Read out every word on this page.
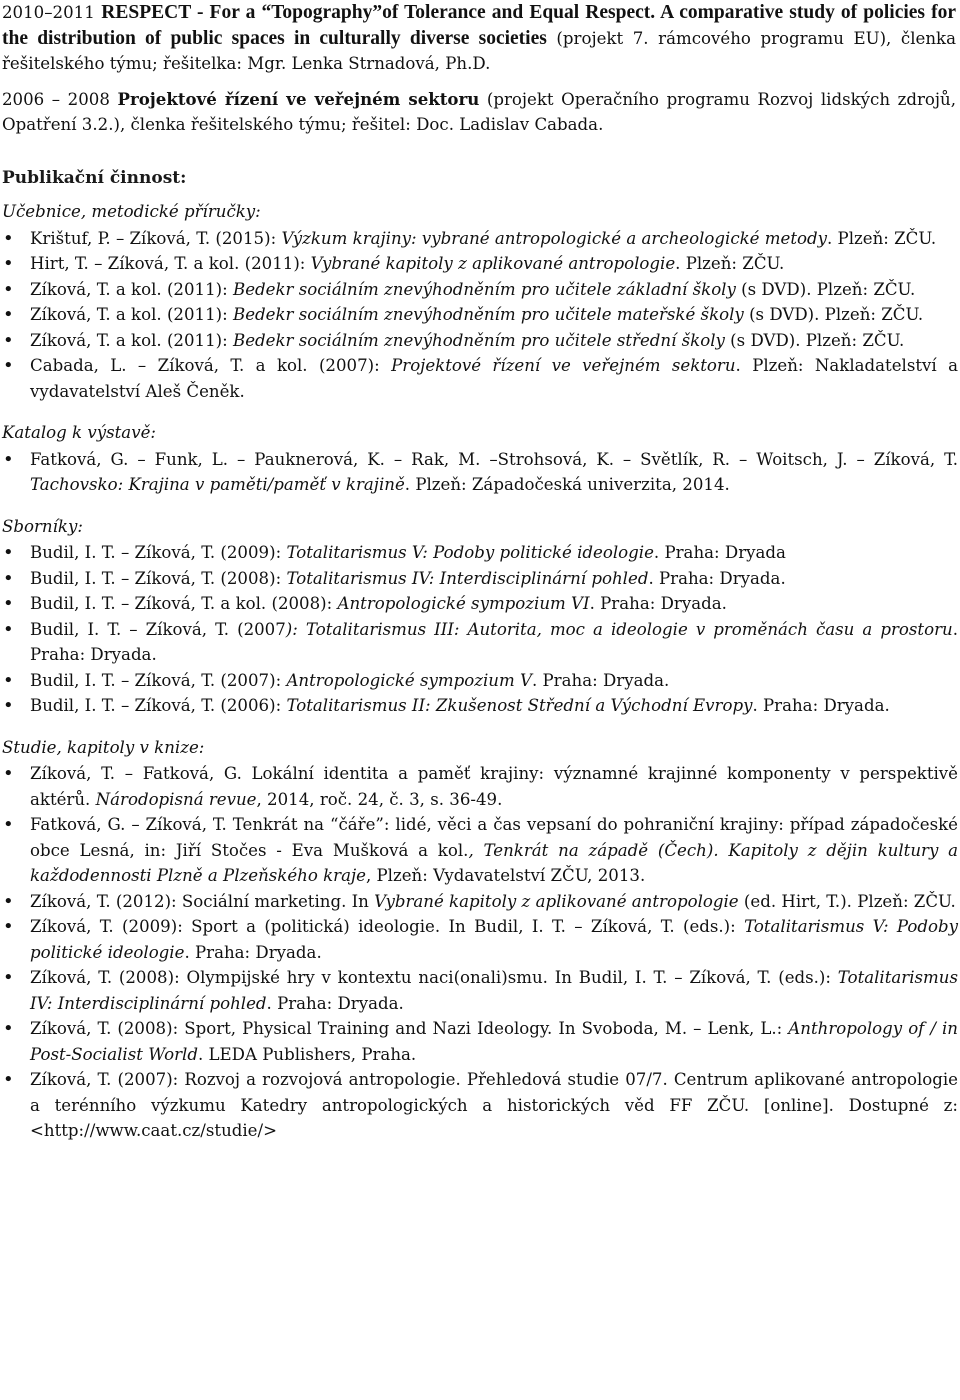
2010–2011 RESPECT - For a “Topography”of Tolerance and Equal Respect. A comparative study of policies for the distribution of public spaces in culturally diverse societies (projekt 7. rámcového programu EU), členka řešitelského týmu; řešitelka: Mgr. Lenka Strnadová, Ph.D.

2006 – 2008 Projektové řízení ve veřejném sektoru (projekt Operačního programu Rozvoj lidských zdrojů, Opatření 3.2.), členka řešitelského týmu; řešitel: Doc. Ladislav Cabada.

Publikační činnost:
Učebnice, metodické příručky:
• Krištuf, P. – Zíková, T. (2015): Výzkum krajiny: vybrané antropologické a archeologické metody. Plzeň: ZČU.
• Hirt, T. – Zíková, T. a kol. (2011): Vybrané kapitoly z aplikované antropologie. Plzeň: ZČU.
• Zíková, T. a kol. (2011): Bedekr sociálním znevýhodněním pro učitele základní školy (s DVD). Plzeň: ZČU.
• Zíková, T. a kol. (2011): Bedekr sociálním znevýhodněním pro učitele mateřské školy (s DVD). Plzeň: ZČU.
• Zíková, T. a kol. (2011): Bedekr sociálním znevýhodněním pro učitele střední školy (s DVD). Plzeň: ZČU.
• Cabada, L. – Zíková, T. a kol. (2007): Projektové řízení ve veřejném sektoru. Plzeň: Nakladatelství a vydavatelství Aleš Čeněk.
Katalog k výstavě:
• Fatková, G. – Funk, L. – Pauknerová, K. – Rak, M. –Strohsová, K. – Světlík, R. – Woitsch, J. – Zíková, T. Tachovsko: Krajina v paměti/paměť v krajině. Plzeň: Západočeská univerzita, 2014.
Sborníky:
• Budil, I. T. – Zíková, T. (2009): Totalitarismus V: Podoby politické ideologie. Praha: Dryada
• Budil, I. T. – Zíková, T. (2008): Totalitarismus IV: Interdisciplinární pohled. Praha: Dryada.
• Budil, I. T. – Zíková, T. a kol. (2008): Antropologické sympozium VI. Praha: Dryada.
• Budil, I. T. – Zíková, T. (2007): Totalitarismus III: Autorita, moc a ideologie v proměnách času a prostoru. Praha: Dryada.
• Budil, I. T. – Zíková, T. (2007): Antropologické sympozium V. Praha: Dryada.
• Budil, I. T. – Zíková, T. (2006): Totalitarismus II: Zkušenost Střední a Východní Evropy. Praha: Dryada.
Studie, kapitoly v knize:
• Zíková, T. – Fatková, G. Lokální identita a paměť krajiny: významné krajinné komponenty v perspektivě aktérů. Národopisná revue, 2014, roč. 24, č. 3, s. 36-49.
• Fatková, G. – Zíková, T. Tenkrát na “čáře”: lidé, věci a čas vepsaní do pohraniční krajiny: případ západočeské obce Lesná, in: Jiří Stočes - Eva Mušková a kol., Tenkrát na západě (Čech). Kapitoly z dějin kultury a každodennosti Plzně a Plzeňského kraje, Plzeň: Vydavatelství ZČU, 2013.
• Zíková, T. (2012): Sociální marketing. In Vybrané kapitoly z aplikované antropologie (ed. Hirt, T.). Plzeň: ZČU.
• Zíková, T. (2009): Sport a (politická) ideologie. In Budil, I. T. – Zíková, T. (eds.): Totalitarismus V: Podoby politické ideologie. Praha: Dryada.
• Zíková, T. (2008): Olympijské hry v kontextu naci(onali)smu. In Budil, I. T. – Zíková, T. (eds.): Totalitarismus IV: Interdisciplinární pohled. Praha: Dryada.
• Zíková, T. (2008): Sport, Physical Training and Nazi Ideology. In Svoboda, M. – Lenk, L.: Anthropology of / in Post-Socialist World. LEDA Publishers, Praha.
• Zíková, T. (2007): Rozvoj a rozvojová antropologie. Přehledová studie 07/7. Centrum aplikované antropologie a terénního výzkumu Katedry antropologických a historických věd FF ZČU. [online]. Dostupné z: <http://www.caat.cz/studie/>
